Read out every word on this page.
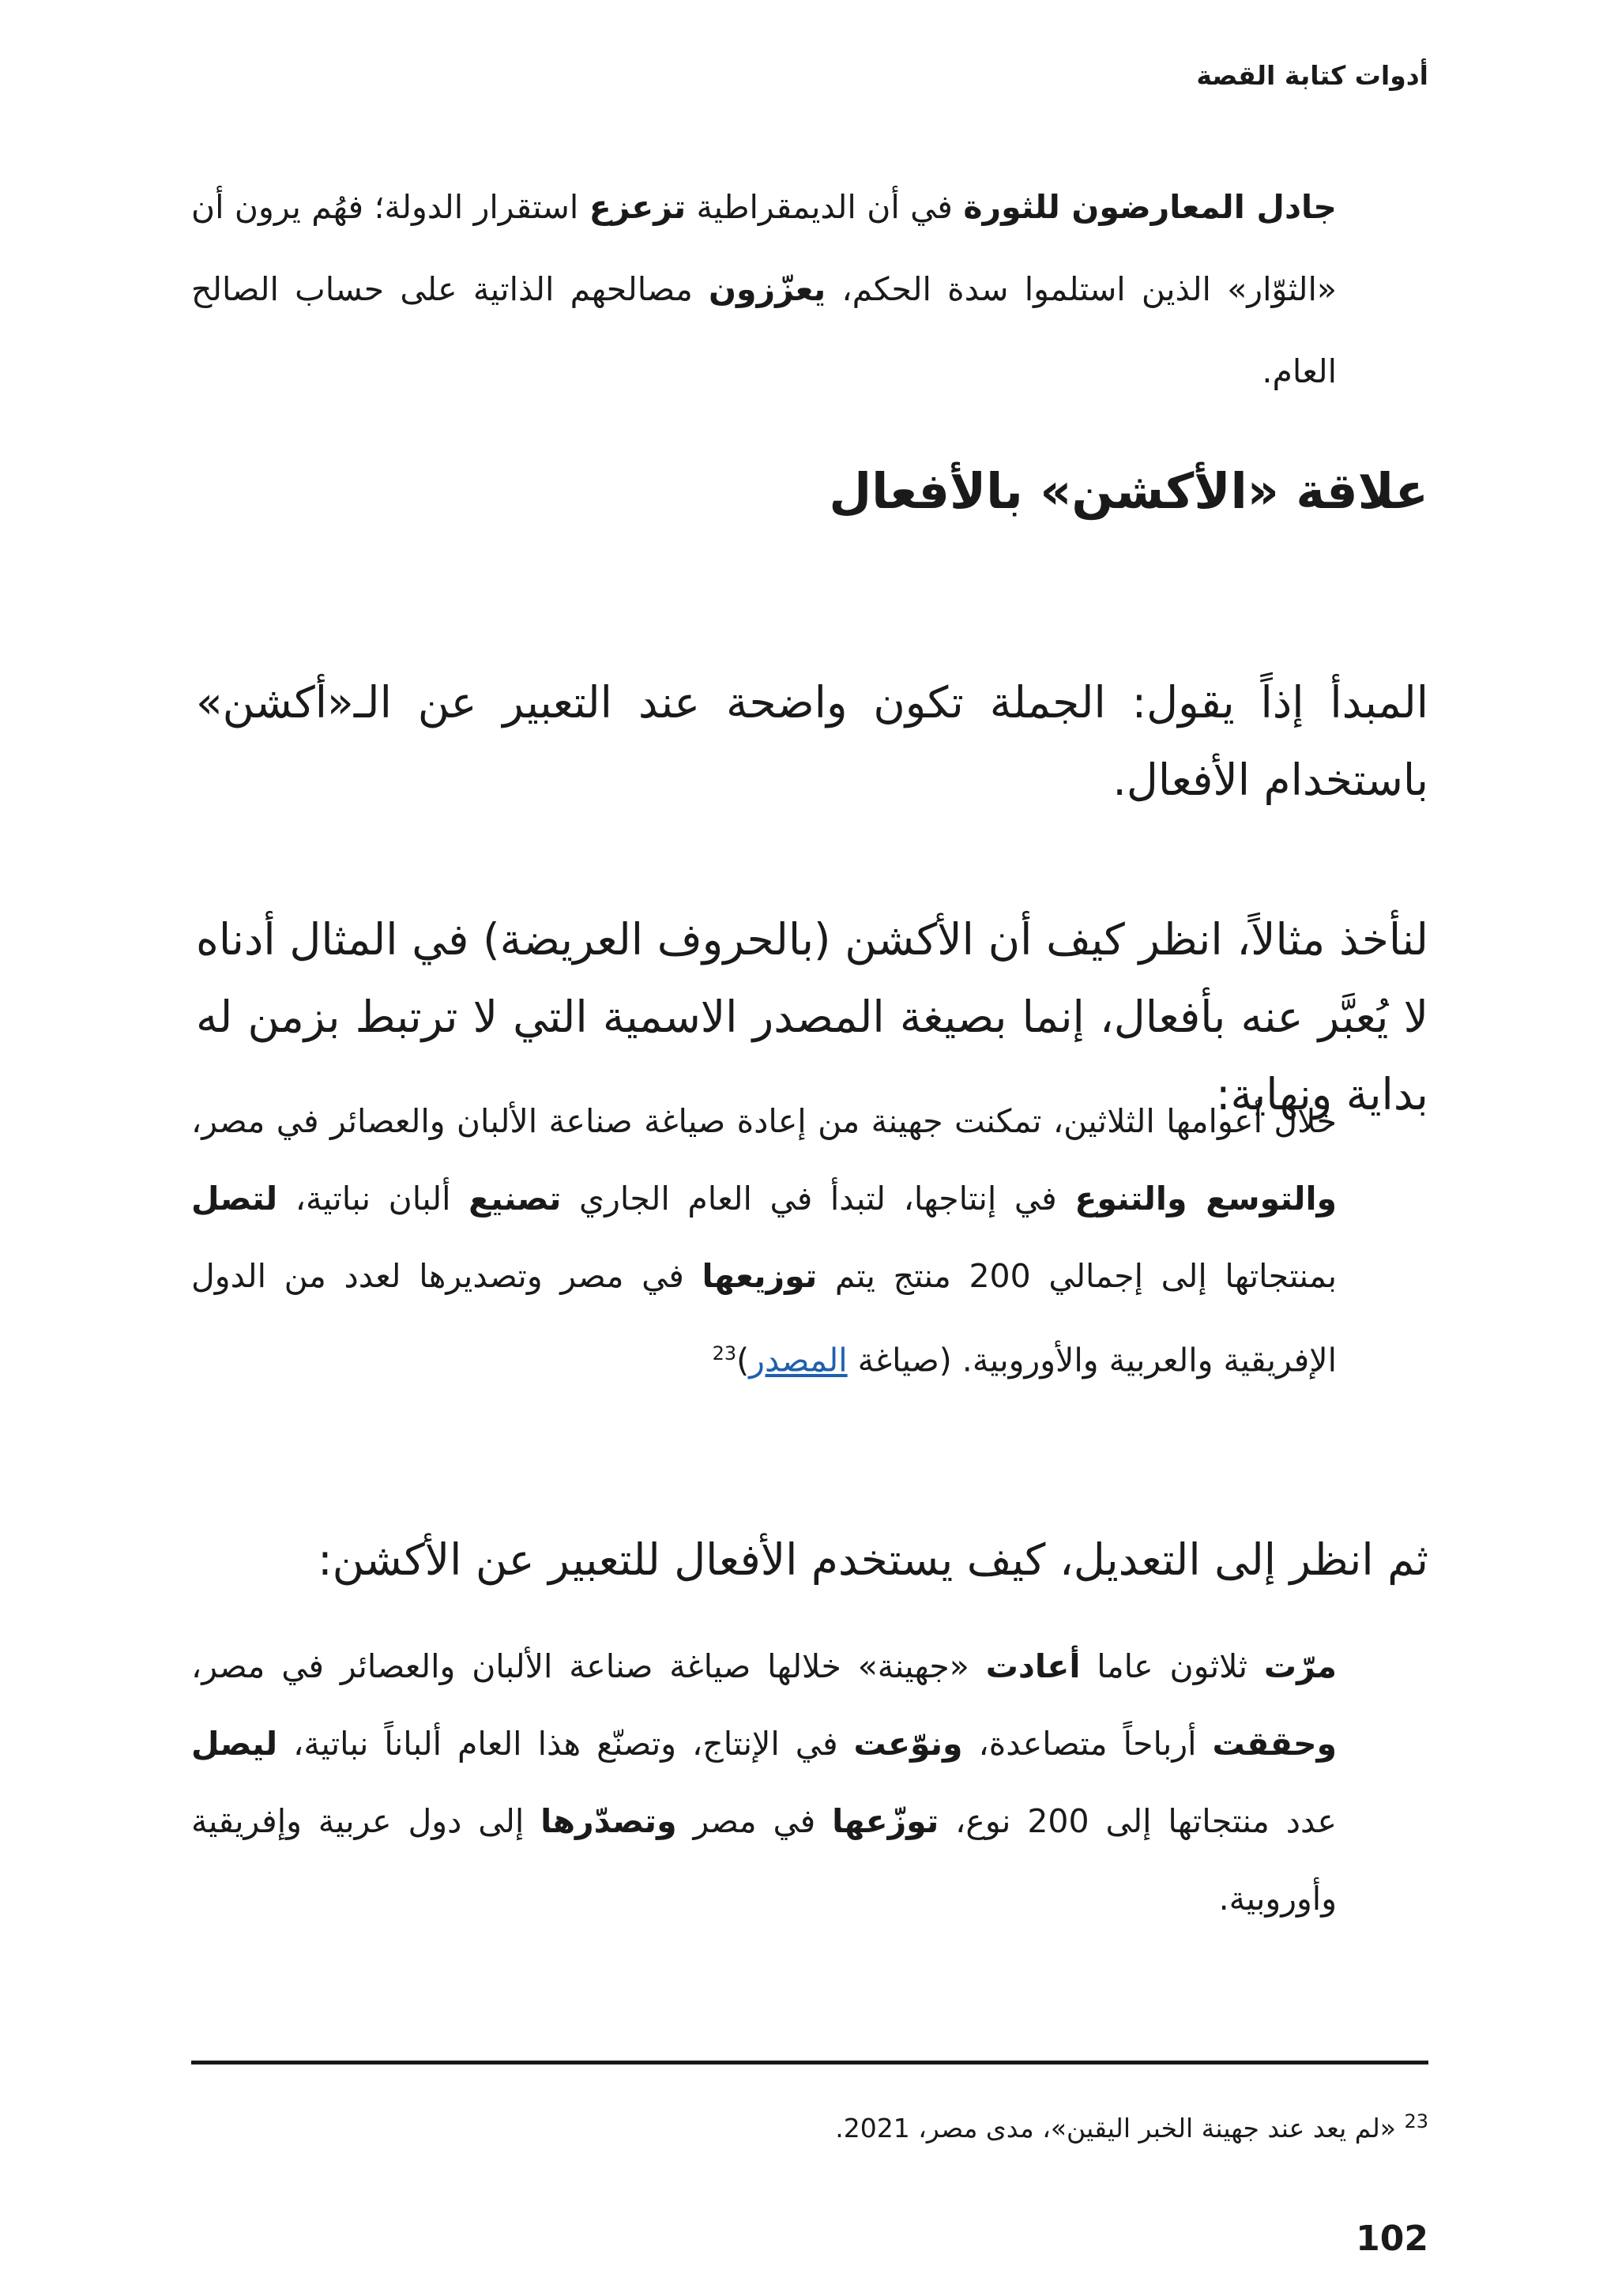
أدوات كتابة القصة
جادل المعارضون للثورة في أن الديمقراطية تزعزع استقرار الدولة؛ فهُم يرون أن «الثوّار» الذين استلموا سدة الحكم، يعزّزون مصالحهم الذاتية على حساب الصالح العام.
علاقة «الأكشن» بالأفعال

المبدأ إذاً يقول: الجملة تكون واضحة عند التعبير عن الـ«أكشن» باستخدام الأفعال.

لنأخذ مثالاً، انظر كيف أن الأكشن (بالحروف العريضة) في المثال أدناه لا يُعبَّر عنه بأفعال، إنما بصيغة المصدر الاسمية التي لا ترتبط بزمن له بداية ونهاية:

خلال أعوامها الثلاثين، تمكنت جهينة من إعادة صياغة صناعة الألبان والعصائر في مصر، والتوسع والتنوع في إنتاجها، لتبدأ في العام الجاري تصنيع ألبان نباتية، لتصل بمنتجاتها إلى إجمالي 200 منتج يتم توزيعها في مصر وتصديرها لعدد من الدول الإفريقية والعربية والأوروبية. (صياغة المصدر)$^{23}$

ثم انظر إلى التعديل، كيف يستخدم الأفعال للتعبير عن الأكشن:

مرّت ثلاثون عاما أعادت «جهينة» خلالها صياغة صناعة الألبان والعصائر في مصر، وحققت أرباحاً متصاعدة، ونوّعت في الإنتاج، وتصنّع هذا العام ألباناً نباتية، ليصل عدد منتجاتها إلى 200 نوع، توزّعها في مصر وتصدّرها إلى دول عربية وإفريقية وأوروبية.
$^{23}$ «لم يعد عند جهينة الخبر اليقين»، مدى مصر، 2021.
102
